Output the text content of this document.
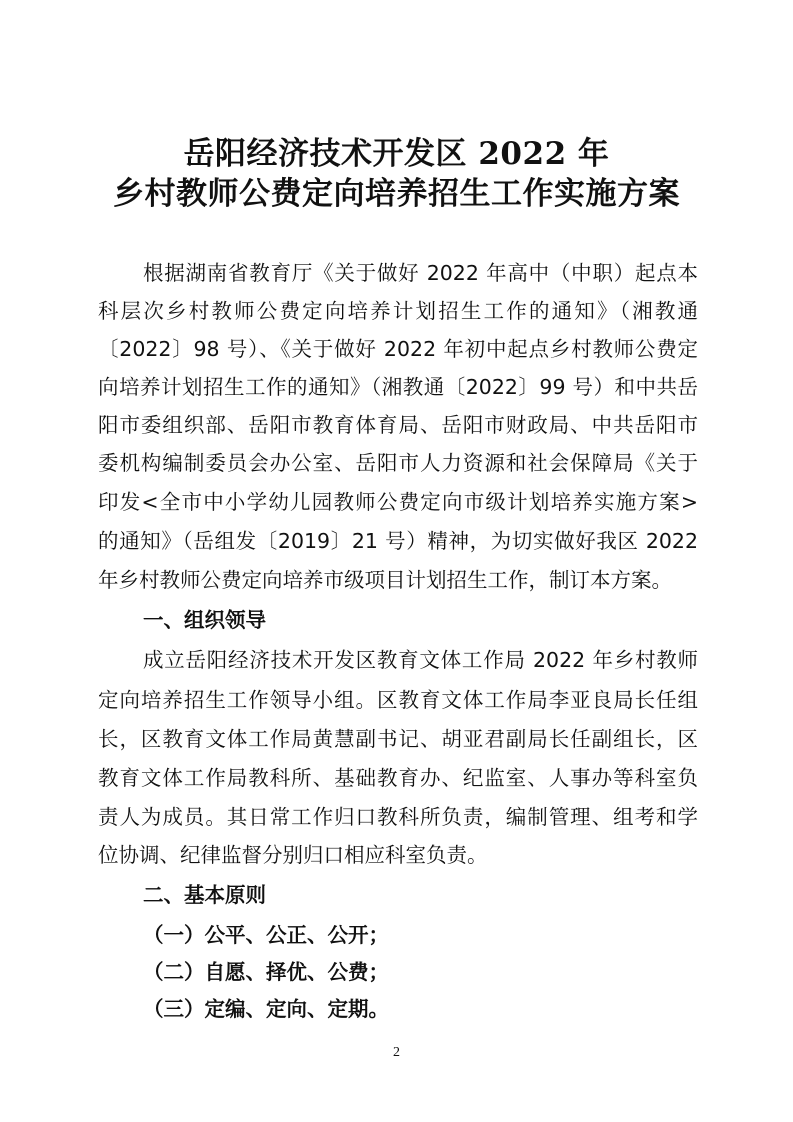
岳阳经济技术开发区 2022 年
乡村教师公费定向培养招生工作实施方案
根据湖南省教育厅《关于做好 2022 年高中（中职）起点本
科层次乡村教师公费定向培养计划招生工作的通知》（湘教通
〔2022〕98 号）、《关于做好 2022 年初中起点乡村教师公费定
向培养计划招生工作的通知》（湘教通〔2022〕99 号）和中共岳
阳市委组织部、岳阳市教育体育局、岳阳市财政局、中共岳阳市
委机构编制委员会办公室、岳阳市人力资源和社会保障局《关于
印发<全市中小学幼儿园教师公费定向市级计划培养实施方案>
的通知》（岳组发〔2019〕21 号）精神，为切实做好我区 2022
年乡村教师公费定向培养市级项目计划招生工作，制订本方案。
一、组织领导
成立岳阳经济技术开发区教育文体工作局 2022 年乡村教师
定向培养招生工作领导小组。区教育文体工作局李亚良局长任组
长，区教育文体工作局黄慧副书记、胡亚君副局长任副组长，区
教育文体工作局教科所、基础教育办、纪监室、人事办等科室负
责人为成员。其日常工作归口教科所负责，编制管理、组考和学
位协调、纪律监督分别归口相应科室负责。
二、基本原则
（一）公平、公正、公开；
（二）自愿、择优、公费；
（三）定编、定向、定期。
2
